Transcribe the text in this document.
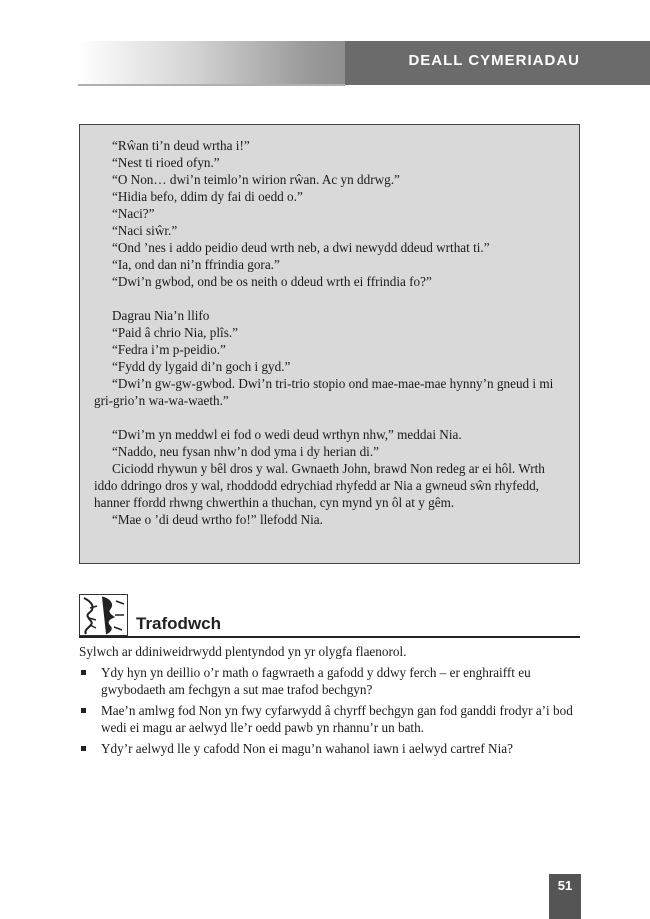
DEALL CYMERIADAU

“Rŵan ti’n deud wrtha i!”

“Nest ti rioed ofyn.”

“O Non… dwi’n teimlo’n wirion rŵan. Ac yn ddrwg.”

“Hidia befo, ddim dy fai di oedd o.”

“Naci?”

“Naci siŵr.”

“Ond ’nes i addo peidio deud wrth neb, a dwi newydd ddeud wrthat ti.”

“Ia, ond dan ni’n ffrindia gora.”

“Dwi’n gwbod, ond be os neith o ddeud wrth ei ffrindia fo?”

Dagrau Nia’n llifo

“Paid â chrio Nia, plîs.”

“Fedra i’m p-peidio.”

“Fydd dy lygaid di’n goch i gyd.”

“Dwi’n gw-gw-gwbod. Dwi’n tri-trio stopio ond mae-mae-mae hynny’n gneud i mi gri-grio’n wa-wa-waeth.”

“Dwi’m yn meddwl ei fod o wedi deud wrthyn nhw,” meddai Nia.

“Naddo, neu fysan nhw’n dod yma i dy herian di.”

Ciciodd rhywun y bêl dros y wal. Gwnaeth John, brawd Non redeg ar ei hôl. Wrth iddo ddringo dros y wal, rhoddodd edrychiad rhyfedd ar Nia a gwneud sŵn rhyfedd, hanner ffordd rhwng chwerthin a thuchan, cyn mynd yn ôl at y gêm.

“Mae o ’di deud wrtho fo!” llefodd Nia.

Trafodwch

Sylwch ar ddiniweidrwydd plentyndod yn yr olygfa flaenorol.

Ydy hyn yn deillio o’r math o fagwraeth a gafodd y ddwy ferch – er enghraifft eu gwybodaeth am fechgyn a sut mae trafod bechgyn?
Mae’n amlwg fod Non yn fwy cyfarwydd â chyrff bechgyn gan fod ganddi frodyr a’i bod wedi ei magu ar aelwyd lle’r oedd pawb yn rhannu’r un bath.
Ydy’r aelwyd lle y cafodd Non ei magu’n wahanol iawn i aelwyd cartref Nia?
51
